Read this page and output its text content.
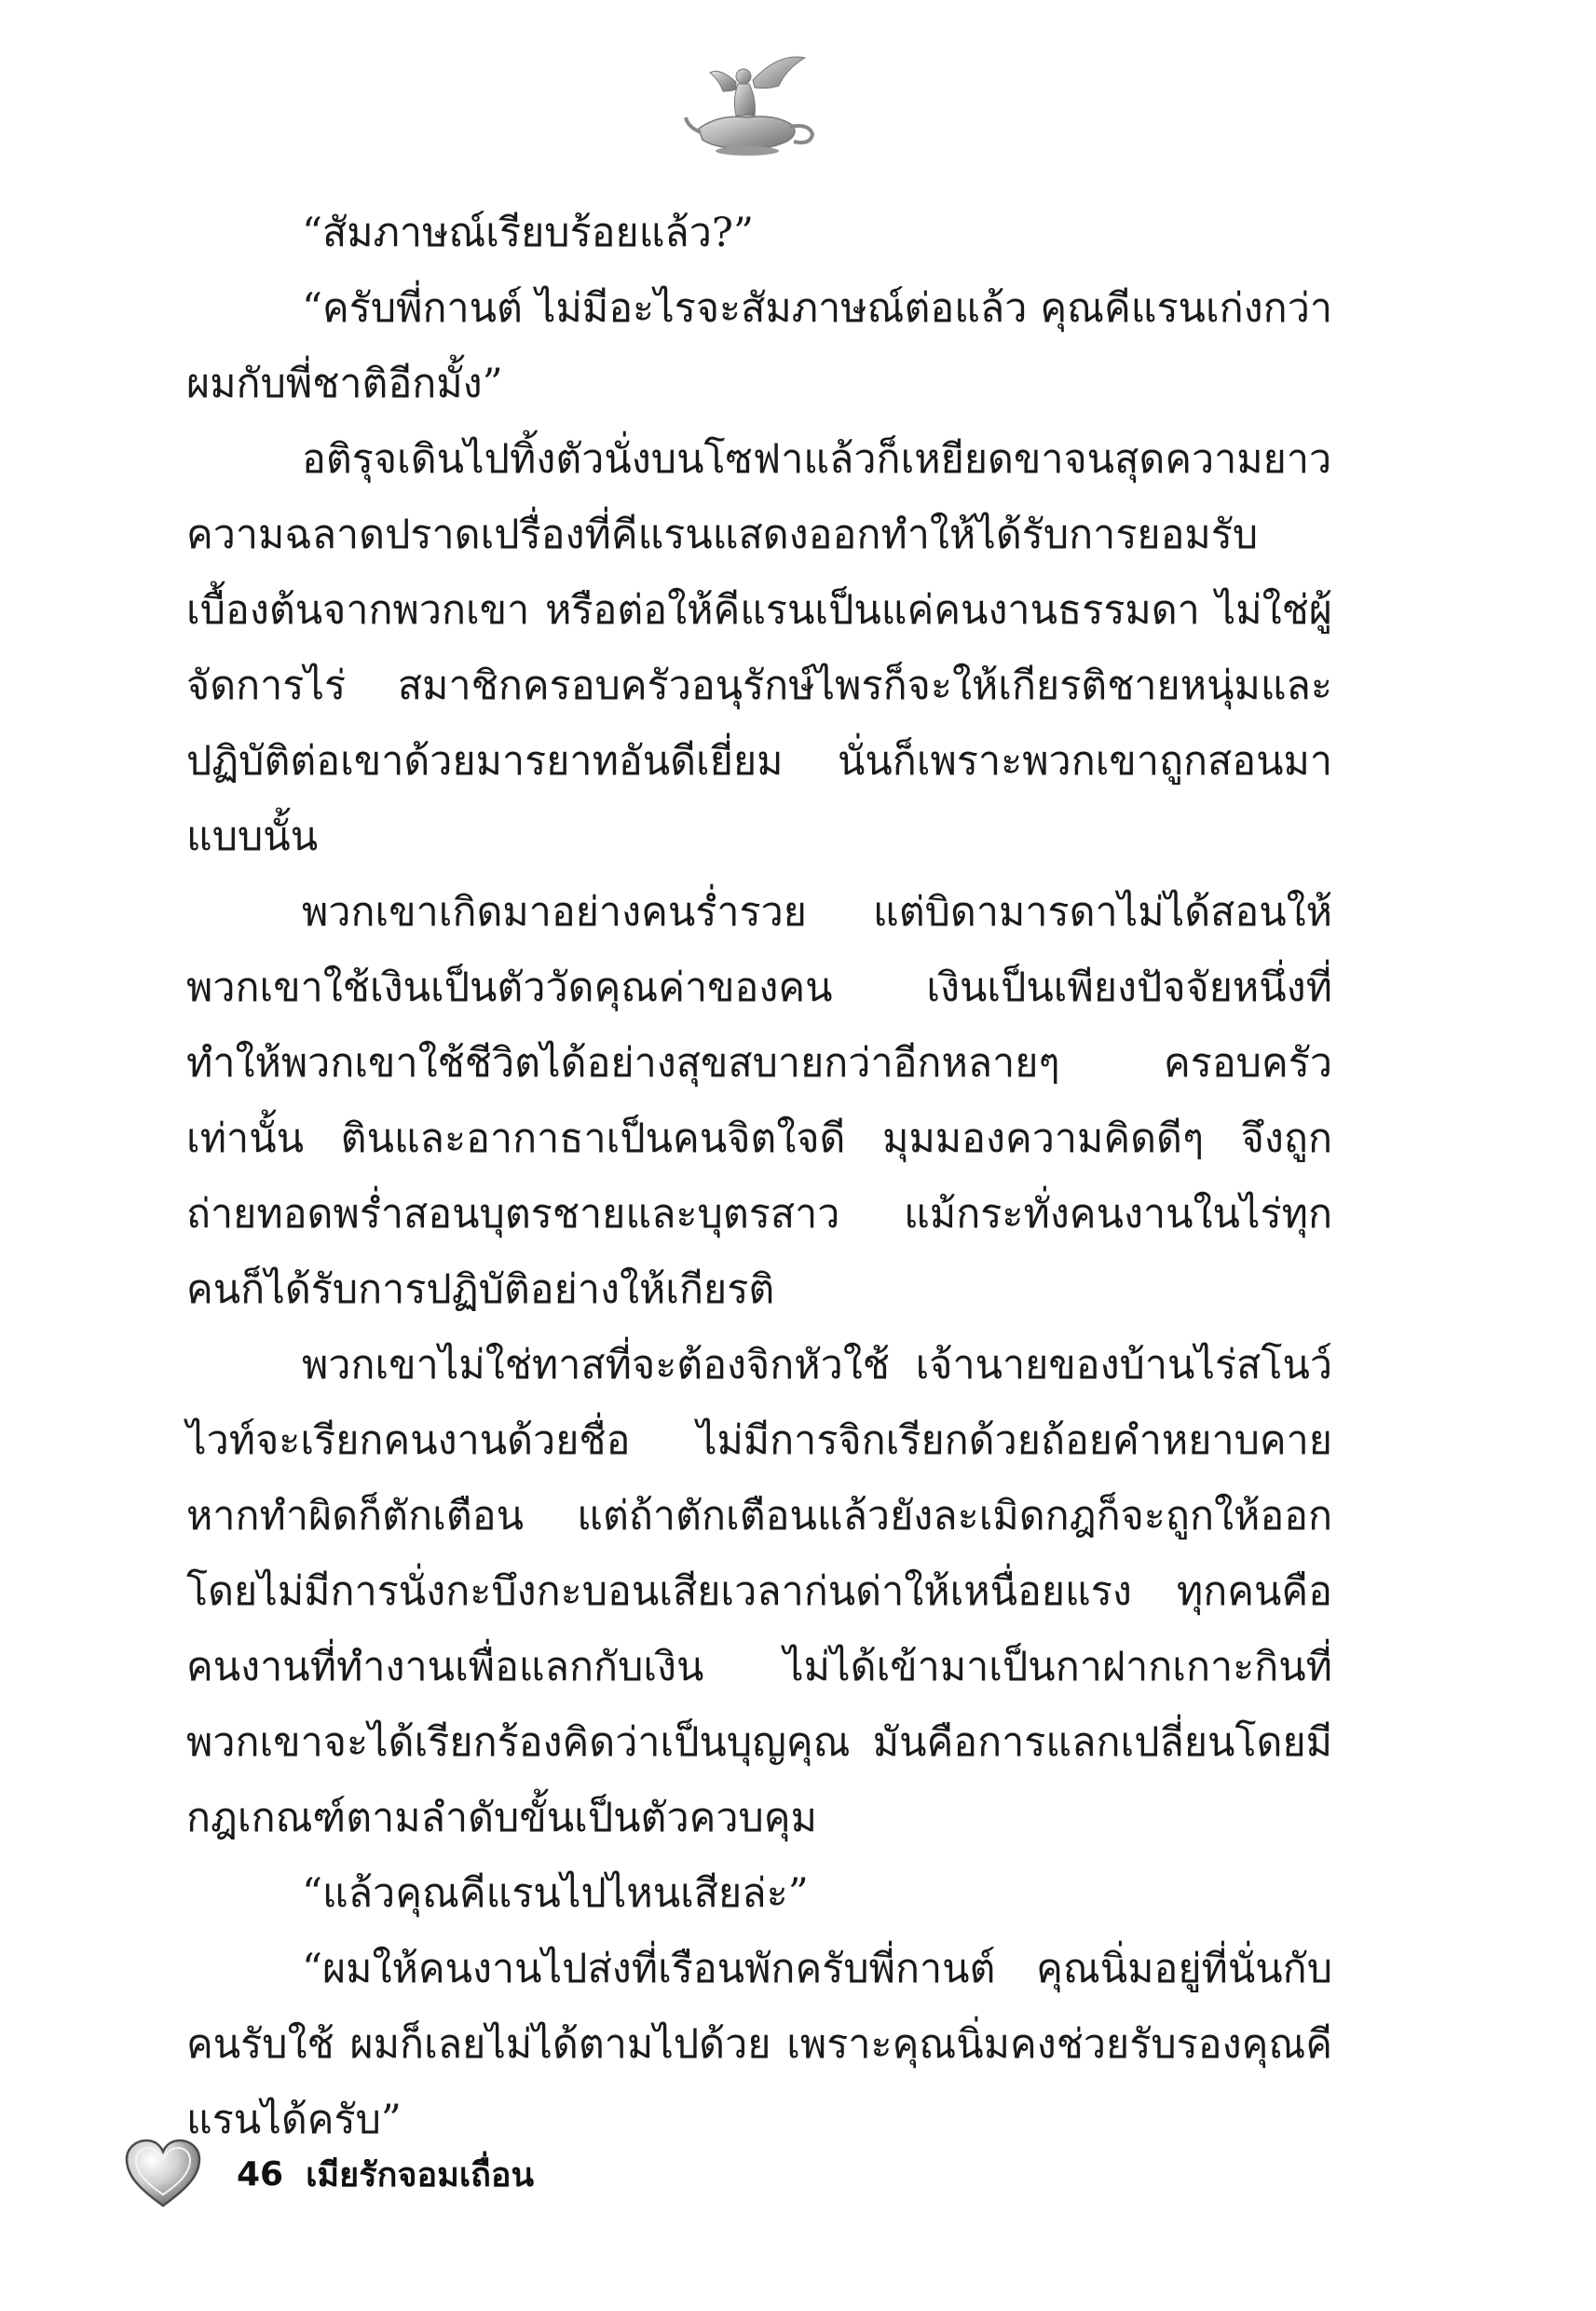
“สัมภาษณ์เรียบร้อยแล้ว?”

“ครับพี่กานต์ ไม่มีอะไรจะสัมภาษณ์ต่อแล้ว คุณคีแรนเก่งกว่าผมกับพี่ชาติอีกมั้ง”

อติรุจเดินไปทิ้งตัวนั่งบนโซฟาแล้วก็เหยียดขาจนสุดความยาว ความฉลาดปราดเปรื่องที่คีแรนแสดงออกทำให้ได้รับการยอมรับเบื้องต้นจากพวกเขา หรือต่อให้คีแรนเป็นแค่คนงานธรรมดา ไม่ใช่ผู้จัดการไร่ สมาชิกครอบครัวอนุรักษ์ไพรก็จะให้เกียรติชายหนุ่มและปฏิบัติต่อเขาด้วยมารยาทอันดีเยี่ยม นั่นก็เพราะพวกเขาถูกสอนมาแบบนั้น

พวกเขาเกิดมาอย่างคนร่ำรวย แต่บิดามารดาไม่ได้สอนให้พวกเขาใช้เงินเป็นตัววัดคุณค่าของคน เงินเป็นเพียงปัจจัยหนึ่งที่ทำให้พวกเขาใช้ชีวิตได้อย่างสุขสบายกว่าอีกหลายๆ ครอบครัวเท่านั้น ตินและอากาธาเป็นคนจิตใจดี มุมมองความคิดดีๆ จึงถูกถ่ายทอดพร่ำสอนบุตรชายและบุตรสาว แม้กระทั่งคนงานในไร่ทุกคนก็ได้รับการปฏิบัติอย่างให้เกียรติ

พวกเขาไม่ใช่ทาสที่จะต้องจิกหัวใช้ เจ้านายของบ้านไร่สโนว์ไวท์จะเรียกคนงานด้วยชื่อ ไม่มีการจิกเรียกด้วยถ้อยคำหยาบคาย หากทำผิดก็ตักเตือน แต่ถ้าตักเตือนแล้วยังละเมิดกฎก็จะถูกให้ออก โดยไม่มีการนั่งกะบึงกะบอนเสียเวลาก่นด่าให้เหนื่อยแรง ทุกคนคือคนงานที่ทำงานเพื่อแลกกับเงิน ไม่ได้เข้ามาเป็นกาฝากเกาะกินที่พวกเขาจะได้เรียกร้องคิดว่าเป็นบุญคุณ มันคือการแลกเปลี่ยนโดยมีกฎเกณฑ์ตามลำดับขั้นเป็นตัวควบคุม

“แล้วคุณคีแรนไปไหนเสียล่ะ”

“ผมให้คนงานไปส่งที่เรือนพักครับพี่กานต์ คุณนิ่มอยู่ที่นั่นกับคนรับใช้ ผมก็เลยไม่ได้ตามไปด้วย เพราะคุณนิ่มคงช่วยรับรองคุณคีแรนได้ครับ”

46 เมียรักจอมเถื่อน
